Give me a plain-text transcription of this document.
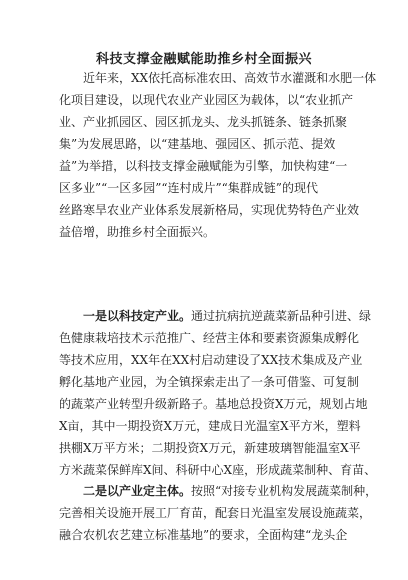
科技支撑金融赋能助推乡村全面振兴

　　近年来，XX依托高标准农田、高效节水灌溉和水肥一体
化项目建设，以现代农业产业园区为载体，以“农业抓产
业、产业抓园区、园区抓龙头、龙头抓链条、链条抓聚
集”为发展思路，以“建基地、强园区、抓示范、提效
益”为举措，以科技支撑金融赋能为引擎，加快构建“一
区多业”“一区多园”“连村成片”“集群成链”的现代
丝路寒旱农业产业体系发展新格局，实现优势特色产业效
益倍增，助推乡村全面振兴。

　　一是以科技定产业。通过抗病抗逆蔬菜新品种引进、绿
色健康栽培技术示范推广、经营主体和要素资源集成孵化
等技术应用，XX年在XX村启动建设了XX技术集成及产业
孵化基地产业园，为全镇探索走出了一条可借鉴、可复制
的蔬菜产业转型升级新路子。基地总投资X万元，规划占地
X亩，其中一期投资X万元，建成日光温室X平方米，塑料
拱棚X万平方米；二期投资X万元，新建玻璃智能温室X平
方米蔬菜保鲜库X间、科研中心X座，形成蔬菜制种、育苗、

　　二是以产业定主体。按照“对接专业机构发展蔬菜制种，
完善相关设施开展工厂育苗，配套日光温室发展设施蔬菜，
融合农机农艺建立标准基地”的要求，全面构建“龙头企
